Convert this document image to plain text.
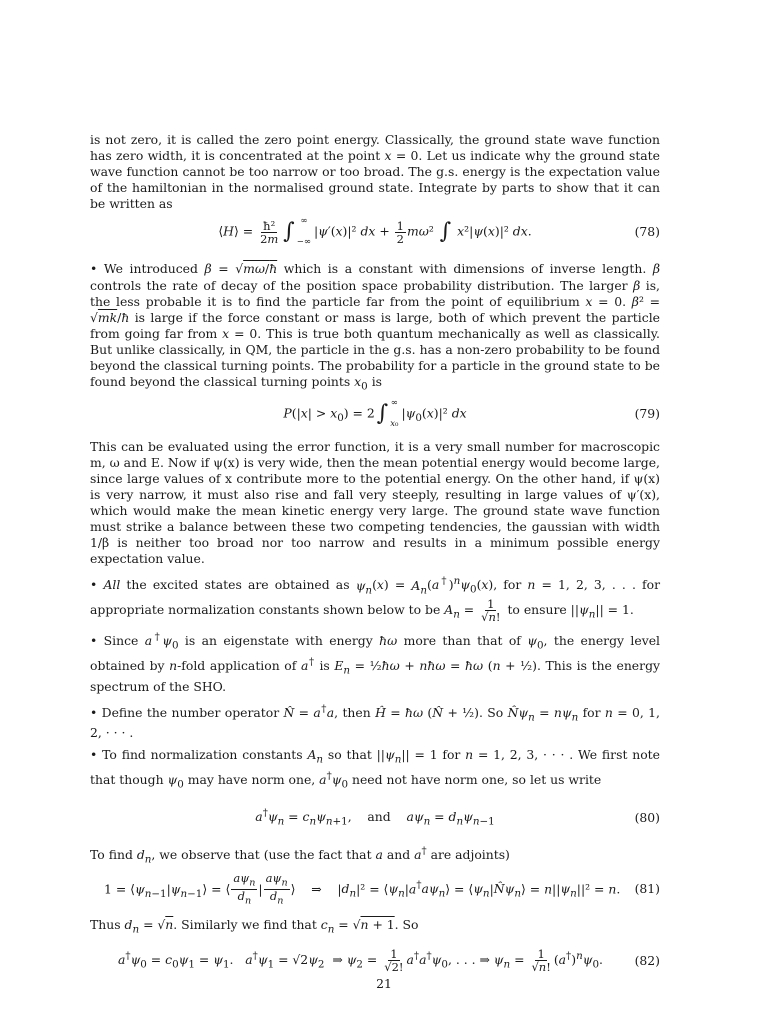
is not zero, it is called the zero point energy. Classically, the ground state wave function has zero width, it is concentrated at the point x = 0. Let us indicate why the ground state wave function cannot be too narrow or too broad. The g.s. energy is the expectation value of the hamiltonian in the normalised ground state. Integrate by parts to show that it can be written as

⟨H⟩ = $\frac{\text{ħ²}}{2m}$ ∫ ∞
−∞
|ψ′(x)|² dx + $\frac{1}{2} m\omega^2$ ∫ x²|ψ(x)|² dx.	(78)

• We introduced β = √mω/ħ which is a constant with dimensions of inverse length. β controls the rate of decay of the position space probability distribution. The larger β is, the less probable it is to find the particle far from the point of equilibrium x = 0. β² = √mk/ħ is large if the force constant or mass is large, both of which prevent the particle from going far from x = 0. This is true both quantum mechanically as well as classically. But unlike classically, in QM, the particle in the g.s. has a non-zero probability to be found beyond the classical turning points. The probability for a particle in the ground state to be found beyond the classical turning points $x_0$ is

$P(|x| > x_0) = 2\int$ ∞
x₀
$|\psi_0(x)|^2$ dx	(79)

This can be evaluated using the error function, it is a very small number for macroscopic m, ω and E. Now if ψ(x) is very wide, then the mean potential energy would become large, since large values of x contribute more to the potential energy. On the other hand, if ψ(x) is very narrow, it must also rise and fall very steeply, resulting in large values of ψ′(x), which would make the mean kinetic energy very large. The ground state wave function must strike a balance between these two competing tendencies, the gaussian with width 1/β is neither too broad nor too narrow and results in a minimum possible energy expectation value.

• All the excited states are obtained as $\psi_n(x) = A_n(a^\dagger)^n\psi_0(x)$, for n = 1, 2, 3, . . . for appropriate normalization constants shown below to be $A_n = \frac{1}{√n!}$ to ensure $||\psi_n|| = 1$.

• Since $a^\dagger\psi_0$ is an eigenstate with energy ħω more than that of $\psi_0$, the energy level obtained by n-fold application of a† is $E_n$ = ½ħω + nħω = ħω (n + ½). This is the energy spectrum of the SHO.

• Define the number operator N̂ = a†a, then Ĥ = ħω (N̂ + ½). So $N̂\psi_n = n\psi_n$ for n = 0, 1, 2, · · · .

• To find normalization constants $A_n$ so that $||\psi_n|| = 1$ for n = 1, 2, 3, · · · . We first note that though $\psi_0$ may have norm one, $a^\dagger\psi_0$ need not have norm one, so let us write

$a^\dagger\psi_n = c_n\psi_{n+1}$,    and    $a\psi_n = d_n\psi_{n-1}$	(80)

To find $d_n$, we observe that (use the fact that a and a† are adjoints)

$1 = ⟨\psi_{n-1}|\psi_{n-1}⟩$ = ⟨ $\frac{a\psi_n}{d_n}$ | $\frac{a\psi_n}{d_n}$ ⟩    ⇒    $|d_n|^2$ = $⟨\psi_n|a^\dagger a\psi_n⟩$ = $⟨\psi_n|N̂\psi_n⟩ = n||\psi_n||^2 = n$.	(81)

Thus $d_n = √n$. Similarly we find that $c_n = √n + 1$. So

$a^\dagger\psi_0 = c_0\psi_1 = \psi_1$.   $a^\dagger\psi_1 = √2\psi_2$  ⇒ $\psi_2 = \frac{1}{√2!} a^\dagger a^\dagger\psi_0$, . . . ⇒ $\psi_n = \frac{1}{√n!} (a^\dagger)^n\psi_0$.	(82)
21
